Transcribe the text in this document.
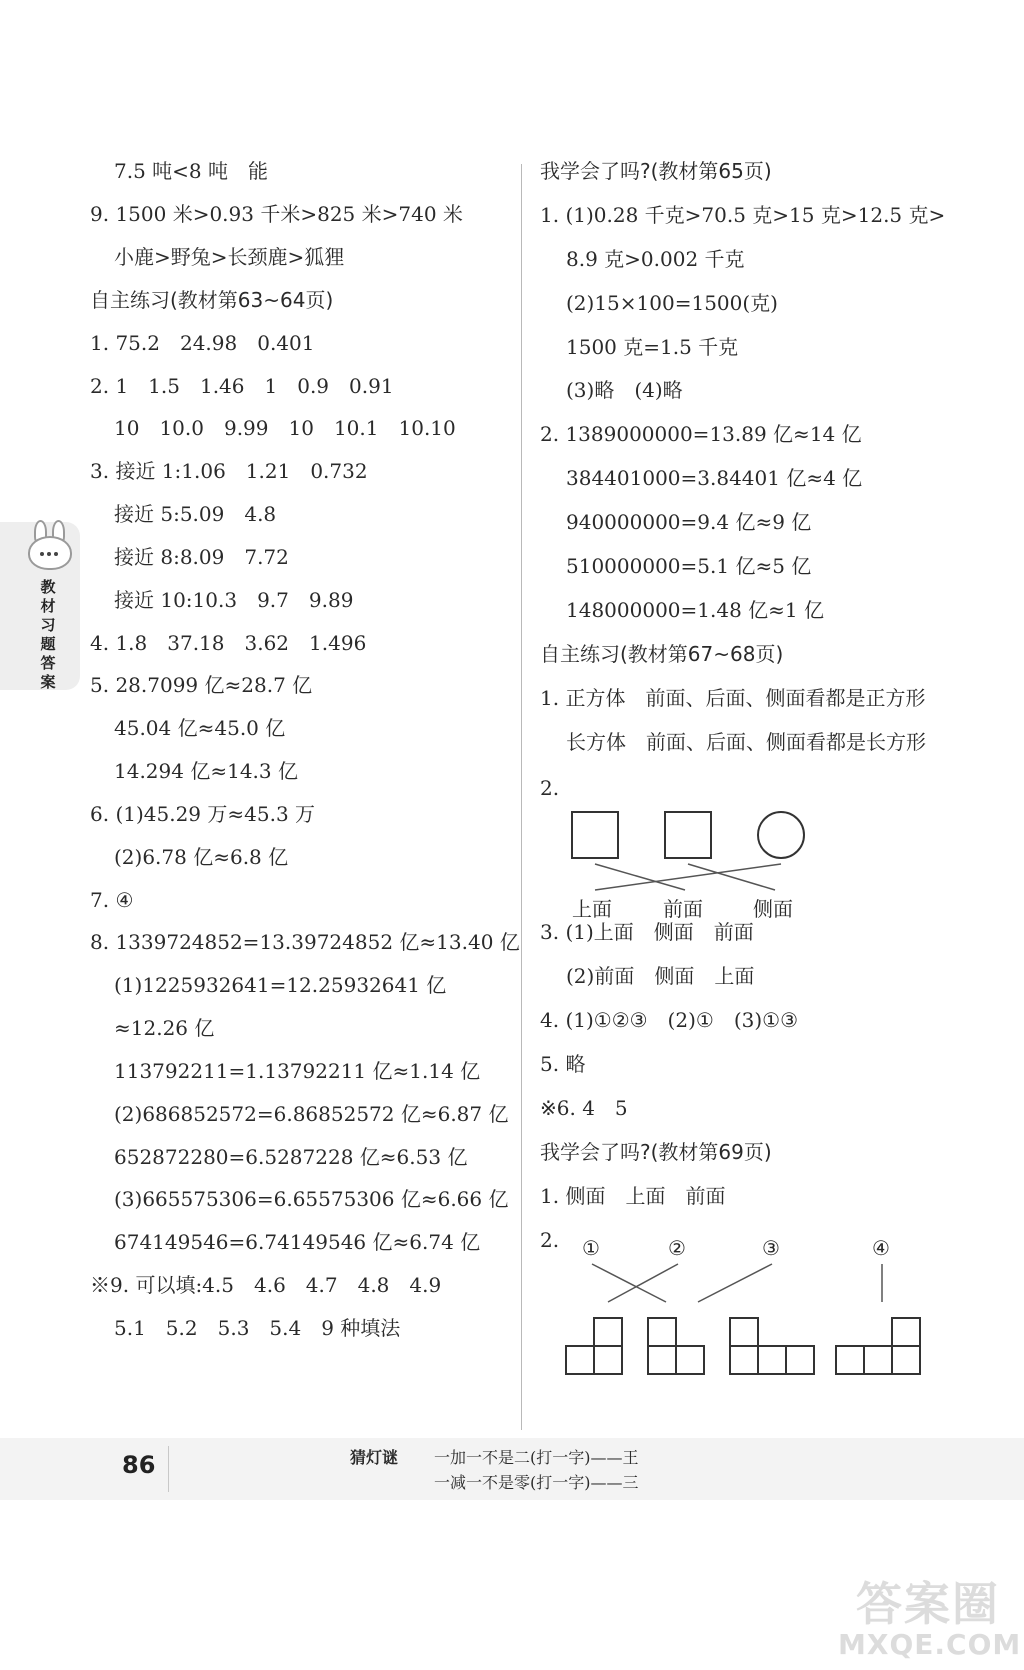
7.5 吨<8 吨　能
9. 1500 米>0.93 千米>825 米>740 米
小鹿>野兔>长颈鹿>狐狸
自主练习(教材第63~64页)
1. 75.2　24.98　0.401
2. 1　1.5　1.46　1　0.9　0.91
10　10.0　9.99　10　10.1　10.10
3. 接近 1:1.06　1.21　0.732
接近 5:5.09　4.8
接近 8:8.09　7.72
接近 10:10.3　9.7　9.89
4. 1.8　37.18　3.62　1.496
5. 28.7099 亿≈28.7 亿
45.04 亿≈45.0 亿
14.294 亿≈14.3 亿
6. (1)45.29 万≈45.3 万
(2)6.78 亿≈6.8 亿
7. ④
8. 1339724852=13.39724852 亿≈13.40 亿
(1)1225932641=12.25932641 亿
≈12.26 亿
113792211=1.13792211 亿≈1.14 亿
(2)686852572=6.86852572 亿≈6.87 亿
652872280=6.5287228 亿≈6.53 亿
(3)665575306=6.65575306 亿≈6.66 亿
674149546=6.74149546 亿≈6.74 亿
※9. 可以填:4.5　4.6　4.7　4.8　4.9
5.1　5.2　5.3　5.4　9 种填法
我学会了吗?(教材第65页)
1. (1)0.28 千克>70.5 克>15 克>12.5 克>
8.9 克>0.002 千克
(2)15×100=1500(克)
1500 克=1.5 千克
(3)略　(4)略
2. 1389000000=13.89 亿≈14 亿
384401000=3.84401 亿≈4 亿
940000000=9.4 亿≈9 亿
510000000=5.1 亿≈5 亿
148000000=1.48 亿≈1 亿
自主练习(教材第67~68页)
1. 正方体　前面、后面、侧面看都是正方形
长方体　前面、后面、侧面看都是长方形
2.
上面	前面	侧面
3. (1)上面　侧面　前面
(2)前面　侧面　上面
4. (1)①②③　(2)①　(3)①③
5. 略
※6. 4　5
我学会了吗?(教材第69页)
1. 侧面　上面　前面
2. ①	②	③	④
教材习题答案
86	猜灯谜 一加一不是二(打一字)——王
一减一不是零(打一字)——三
答案圈
MXQE.COM
